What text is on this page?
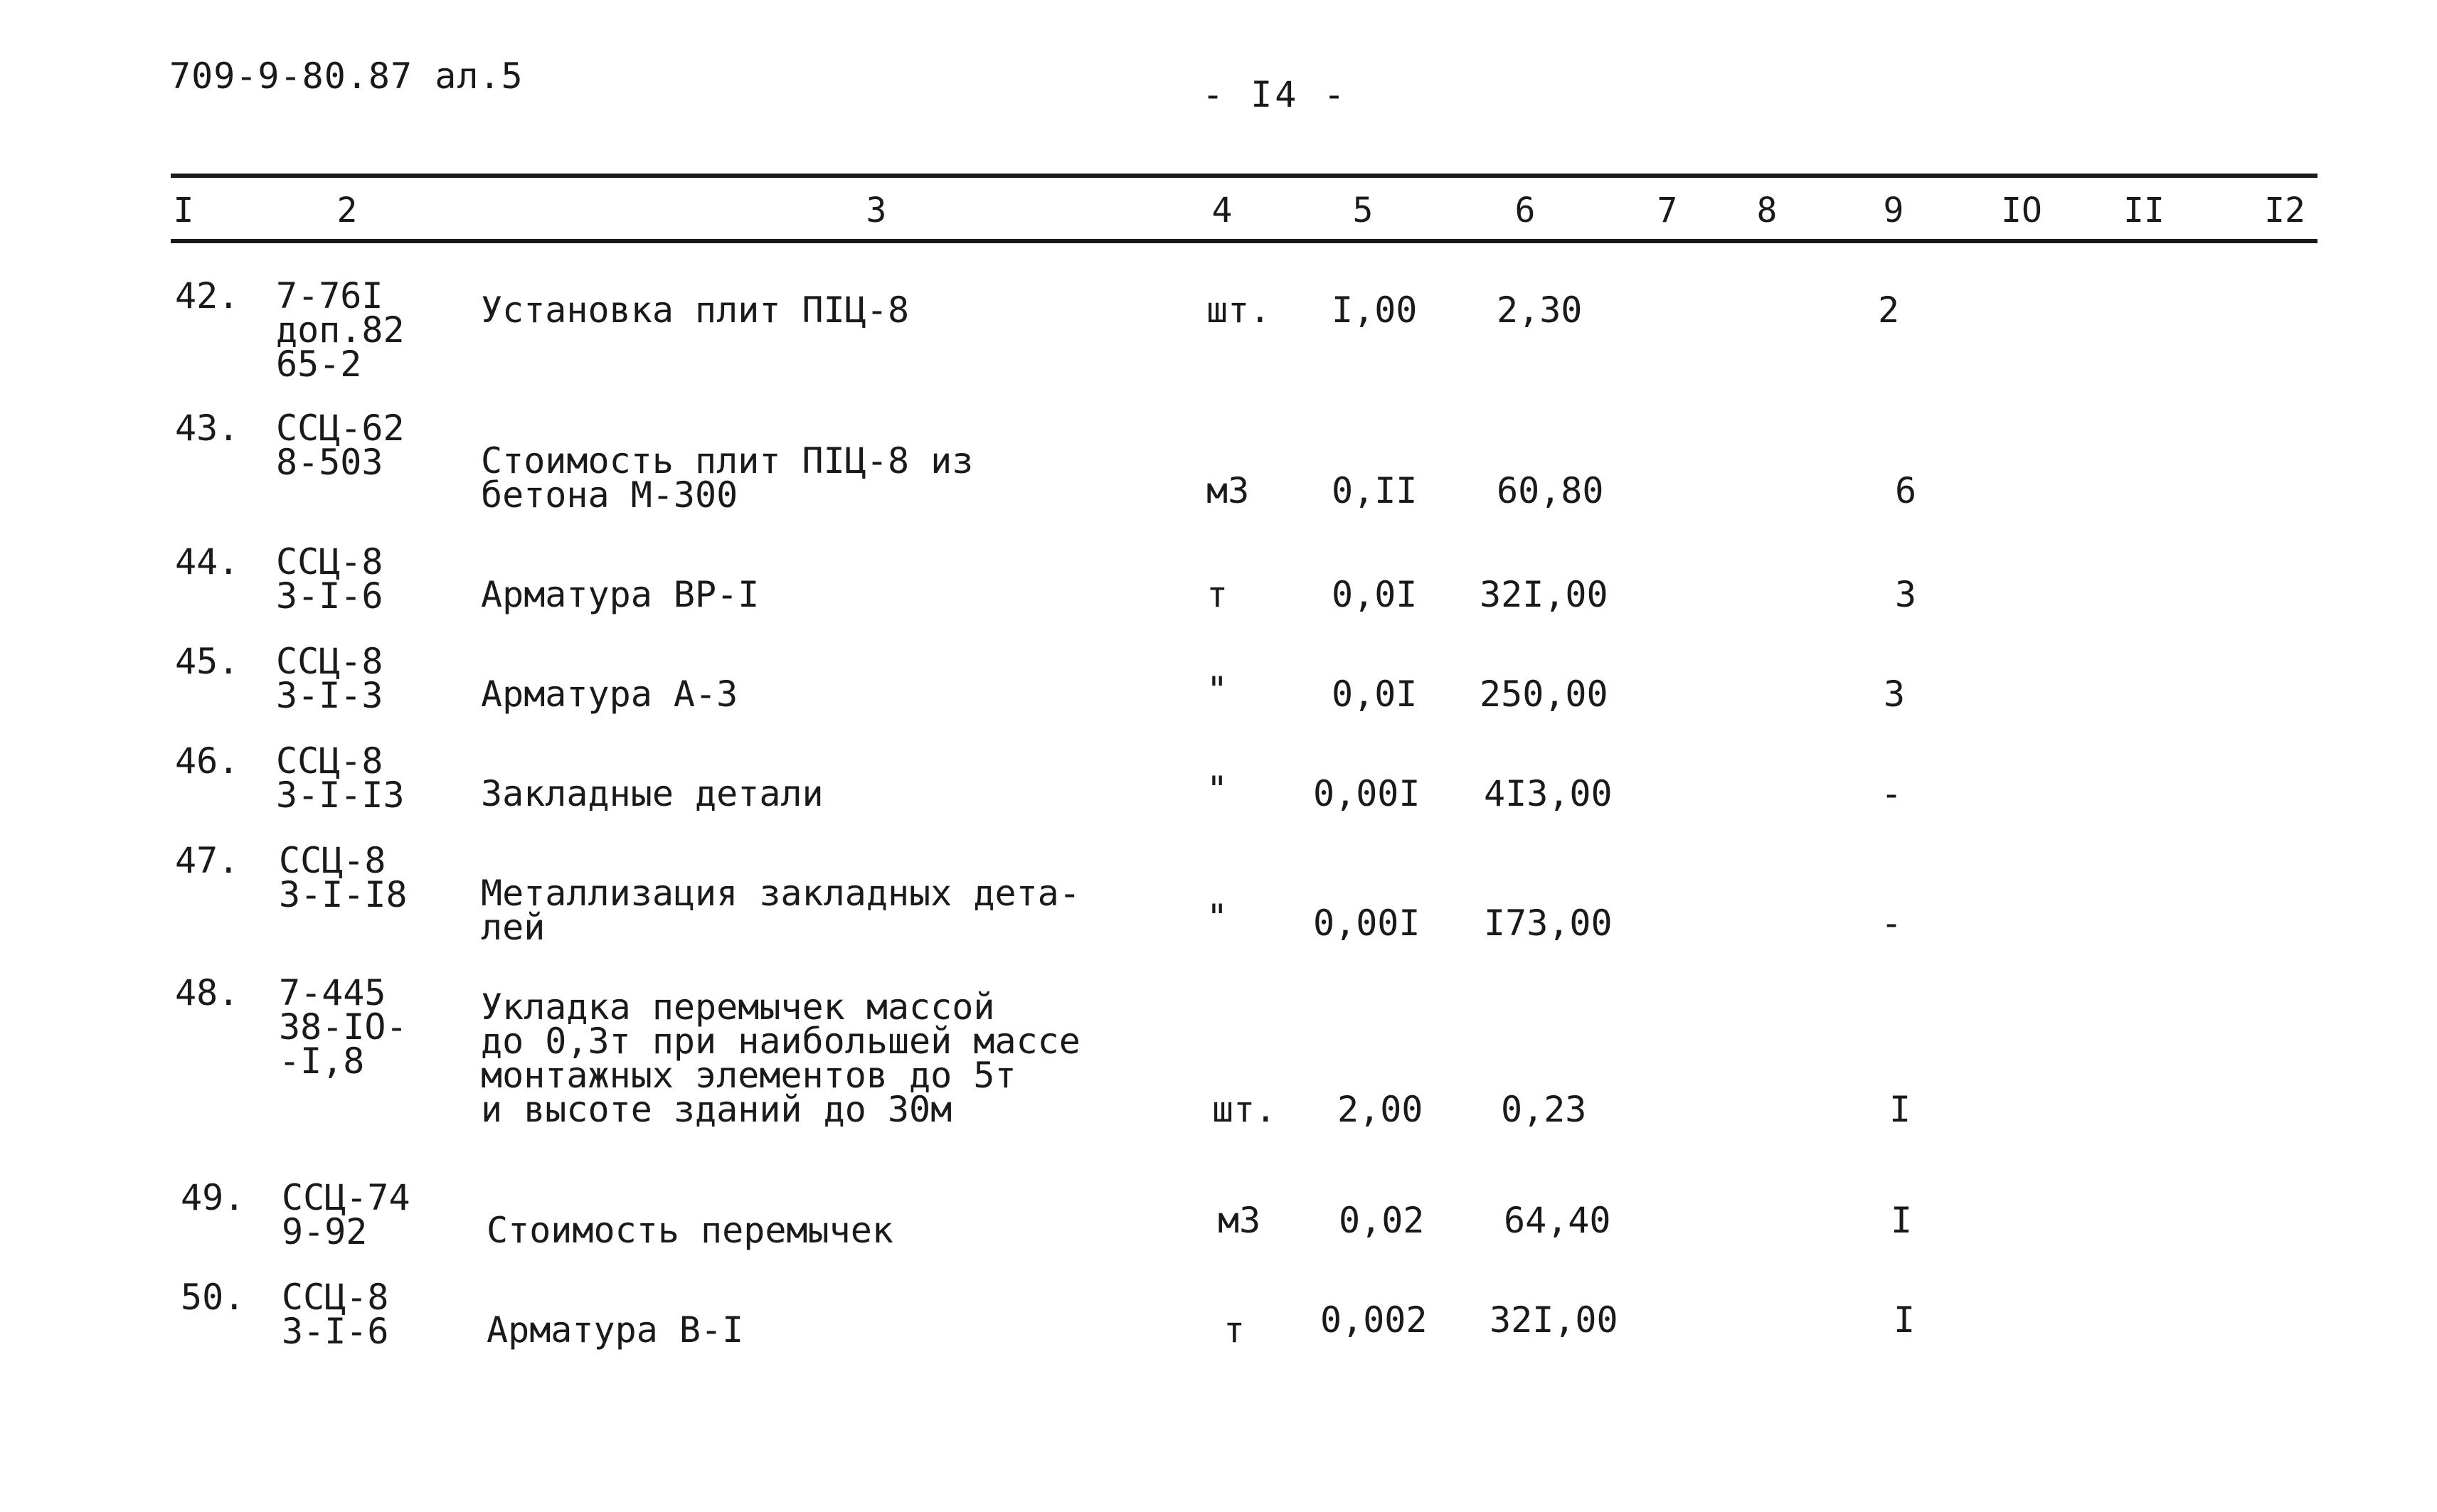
709-9-80.87 ал.5	- I4 -
I	2	3	4	5	6	7 8	9	IO II	I2
42. 7-76I
доп.82
65-2
Установка плит ПIЦ-8	шт. I,00 2,30	2
43. ССЦ-62
8-503	Стоимость плит ПIЦ-8 из
бетона М-300	м3 0,II 60,80	6
44. ССЦ-8
3-I-6	Арматура ВР-I	т	0,0I 32I,00	3
45. ССЦ-8
3-I-3	Арматура А-3	"	0,0I 250,00	3
46. ССЦ-8
3-I-I3 Закладные детали	" 0,00I 4I3,00	-
47. ССЦ-8
3-I-I8 Металлизация закладных дета-
лей	" 0,00I I73,00	-
48. 7-445
38-IO-
-I,8
Укладка перемычек массой
до 0,3т при наибольшей массе
монтажных элементов до 5т
и высоте зданий до 30м	шт. 2,00 0,23	I
49. ССЦ-74
9-92	Стоимость перемычек	м3 0,02 64,40	I
50. ССЦ-8
3-I-6	Арматура В-I	т 0,002 32I,00	I
